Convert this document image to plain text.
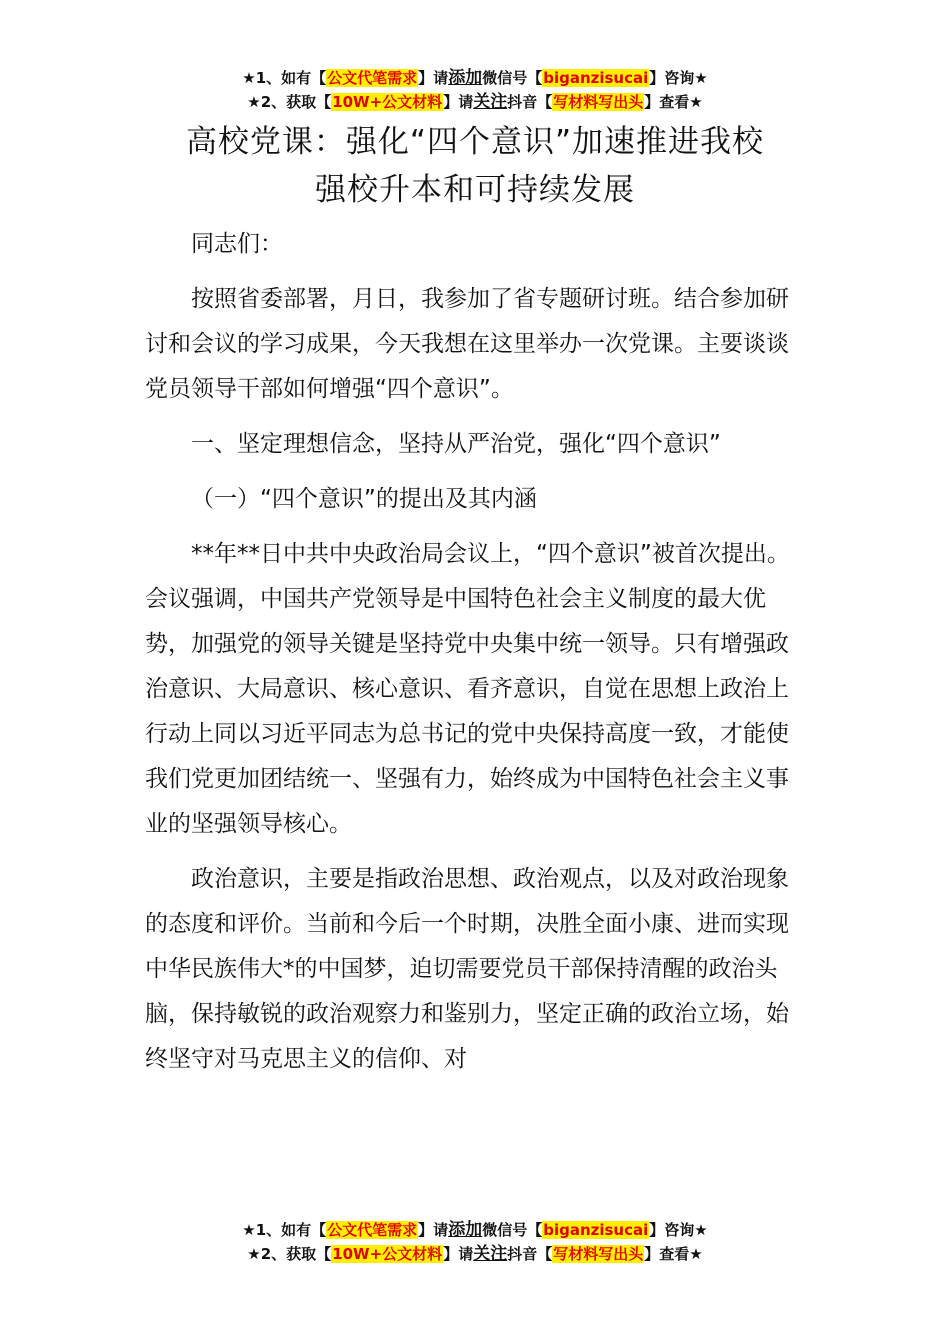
★1、如有【公文代笔需求】请添加微信号【biganzisucai】咨询★
★2、获取【10W+公文材料】请关注抖音【写材料写出头】查看★
高校党课：强化“四个意识”加速推进我校
强校升本和可持续发展

同志们：

按照省委部署，月日，我参加了省专题研讨班。结合参加研讨和会议的学习成果，今天我想在这里举办一次党课。主要谈谈党员领导干部如何增强“四个意识”。

一、坚定理想信念，坚持从严治党，强化“四个意识”

（一）“四个意识”的提出及其内涵

**年**日中共中央政治局会议上，“四个意识”被首次提出。会议强调，中国共产党领导是中国特色社会主义制度的最大优势，加强党的领导关键是坚持党中央集中统一领导。只有增强政治意识、大局意识、核心意识、看齐意识，自觉在思想上政治上行动上同以习近平同志为总书记的党中央保持高度一致，才能使我们党更加团结统一、坚强有力，始终成为中国特色社会主义事业的坚强领导核心。

政治意识，主要是指政治思想、政治观点，以及对政治现象的态度和评价。当前和今后一个时期，决胜全面小康、进而实现中华民族伟大*的中国梦，迫切需要党员干部保持清醒的政治头脑，保持敏锐的政治观察力和鉴别力，坚定正确的政治立场，始终坚守对马克思主义的信仰、对

★1、如有【公文代笔需求】请添加微信号【biganzisucai】咨询★
★2、获取【10W+公文材料】请关注抖音【写材料写出头】查看★
